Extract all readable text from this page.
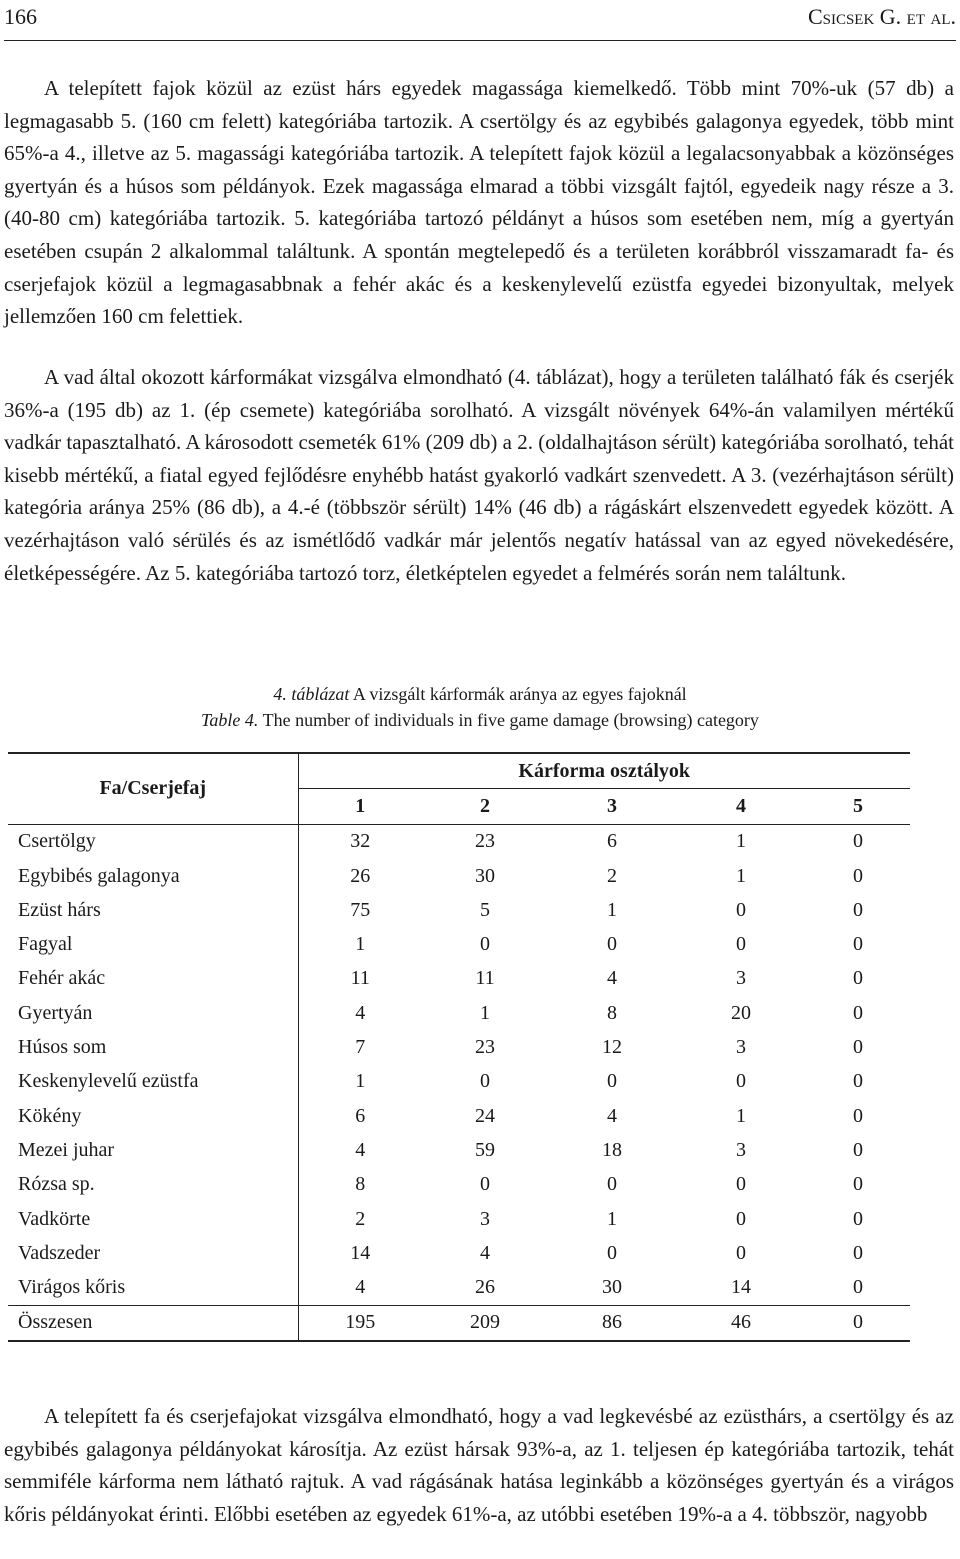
166	Csicsek G. et al.

A telepített fajok közül az ezüst hárs egyedek magassága kiemelkedő. Több mint 70%-uk (57 db) a legmagasabb 5. (160 cm felett) kategóriába tartozik. A csertölgy és az egybibés galagonya egyedek, több mint 65%-a 4., illetve az 5. magassági kategóriába tartozik. A telepített fajok közül a legalacsonyabbak a közönséges gyertyán és a húsos som példányok. Ezek magassága elmarad a többi vizsgált fajtól, egyedeik nagy része a 3. (40-80 cm) kategóriába tartozik. 5. kategóriába tartozó példányt a húsos som esetében nem, míg a gyertyán esetében csupán 2 alkalommal találtunk. A spontán megtelepedő és a területen korábbról visszamaradt fa- és cserjefajok közül a legmagasabbnak a fehér akác és a keskenylevelű ezüstfa egyedei bizonyultak, melyek jellemzően 160 cm felettiek.

A vad által okozott kárformákat vizsgálva elmondható (4. táblázat), hogy a területen található fák és cserjék 36%-a (195 db) az 1. (ép csemete) kategóriába sorolható. A vizsgált növények 64%-án valamilyen mértékű vadkár tapasztalható. A károsodott csemeték 61% (209 db) a 2. (oldalhajtáson sérült) kategóriába sorolható, tehát kisebb mértékű, a fiatal egyed fejlődésre enyhébb hatást gyakorló vadkárt szenvedett. A 3. (vezérhajtáson sérült) kategória aránya 25% (86 db), a 4.-é (többször sérült) 14% (46 db) a rágáskárt elszenvedett egyedek között. A vezérhajtáson való sérülés és az ismétlődő vadkár már jelentős negatív hatással van az egyed növekedésére, életképességére. Az 5. kategóriába tartozó torz, életképtelen egyedet a felmérés során nem találtunk.

4. táblázat A vizsgált kárformák aránya az egyes fajoknál
Table 4. The number of individuals in five game damage (browsing) category
Fa/Cserjefaj	Kárforma osztályok				
	1	2	3	4	5
Csertölgy	32	23	6	1	0
Egybibés galagonya	26	30	2	1	0
Ezüst hárs	75	5	1	0	0
Fagyal	1	0	0	0	0
Fehér akác	11	11	4	3	0
Gyertyán	4	1	8	20	0
Húsos som	7	23	12	3	0
Keskenylevelű ezüstfa	1	0	0	0	0
Kökény	6	24	4	1	0
Mezei juhar	4	59	18	3	0
Rózsa sp.	8	0	0	0	0
Vadkörte	2	3	1	0	0
Vadszeder	14	4	0	0	0
Virágos kőris	4	26	30	14	0
Összesen	195	209	86	46	0

A telepített fa és cserjefajokat vizsgálva elmondható, hogy a vad legkevésbé az ezüsthárs, a csertölgy és az egybibés galagonya példányokat károsítja. Az ezüst hársak 93%-a, az 1. teljesen ép kategóriába tartozik, tehát semmiféle kárforma nem látható rajtuk. A vad rágásának hatása leginkább a közönséges gyertyán és a virágos kőris példányokat érinti. Előbbi esetében az egyedek 61%-a, az utóbbi esetében 19%-a a 4. többször, nagyobb
